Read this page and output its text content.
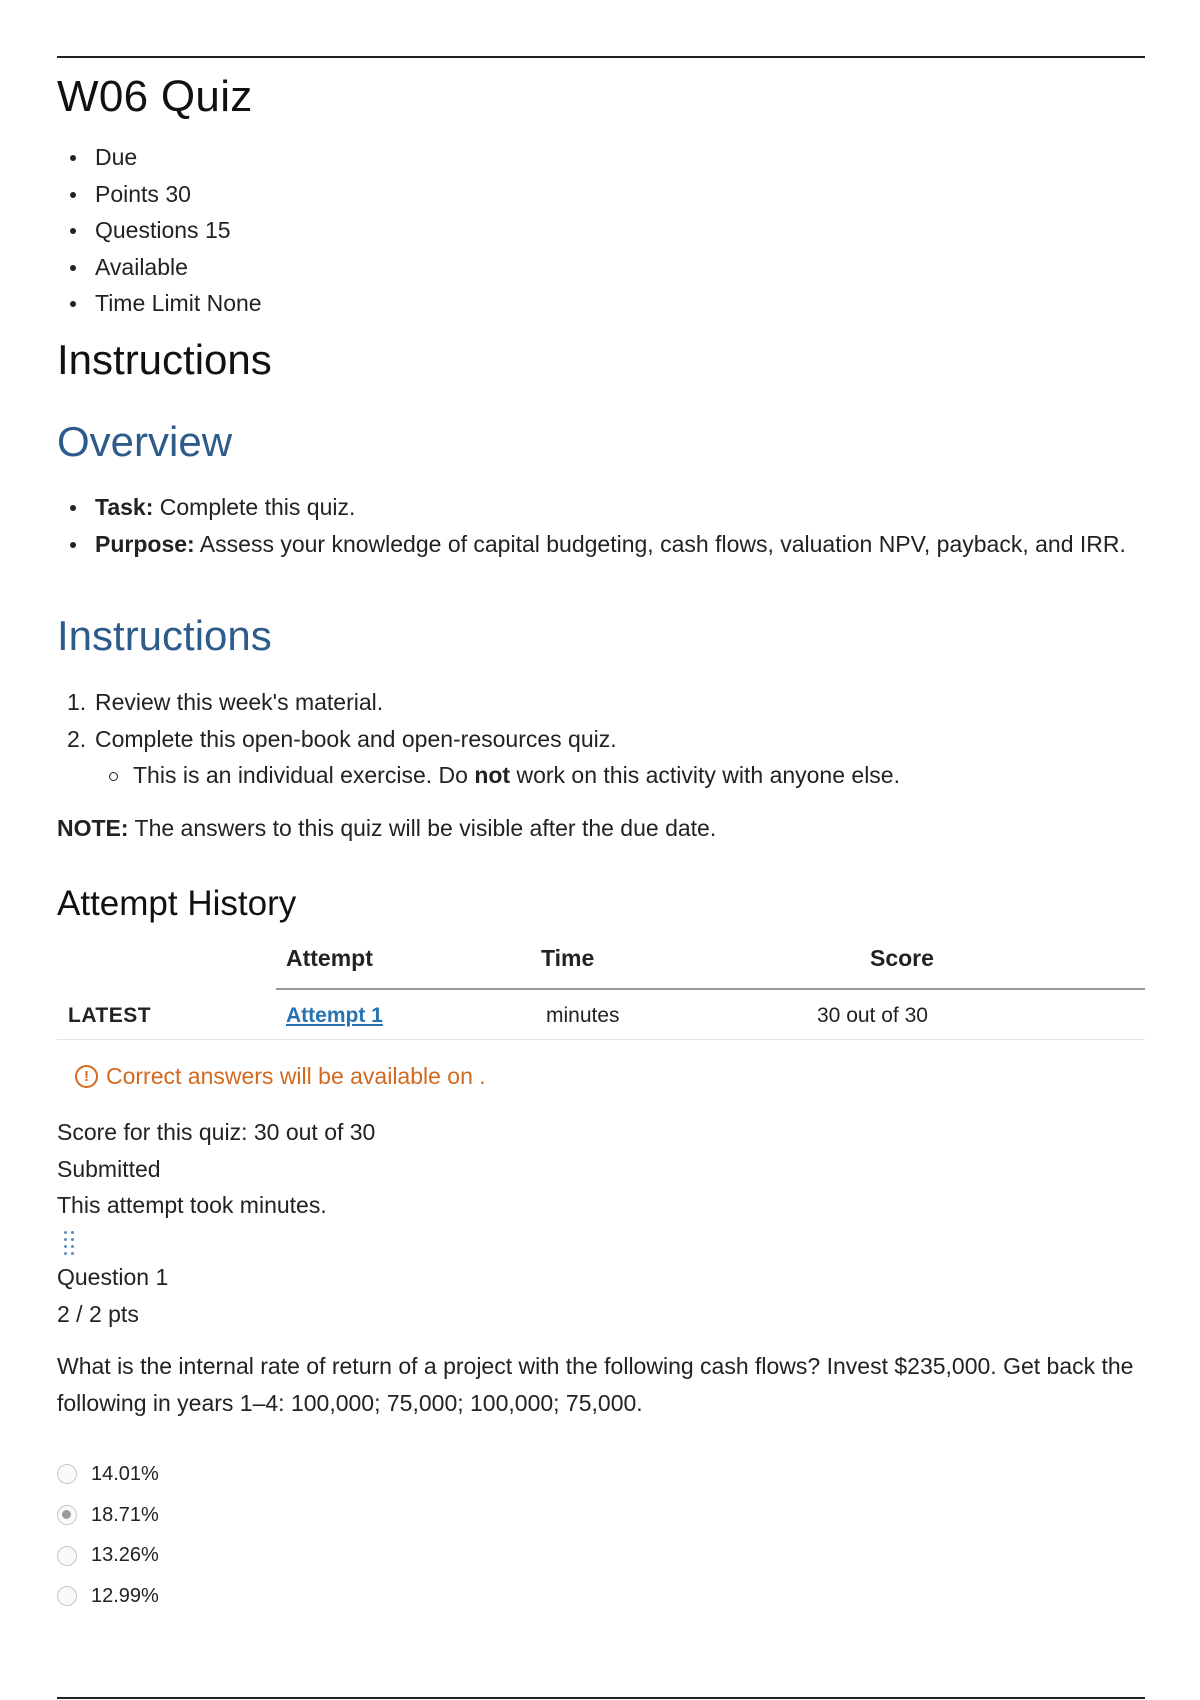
W06 Quiz
Due
Points 30
Questions 15
Available
Time Limit None
Instructions
Overview
Task: Complete this quiz.
Purpose: Assess your knowledge of capital budgeting, cash flows, valuation NPV, payback, and IRR.
Instructions
1. Review this week's material.
2. Complete this open-book and open-resources quiz.
This is an individual exercise. Do not work on this activity with anyone else.

NOTE: The answers to this quiz will be visible after the due date.

Attempt History
Attempt	Time	Score
LATEST	Attempt 1	minutes	30 out of 30
! Correct answers will be available on .
Score for this quiz: 30 out of 30
Submitted
This attempt took minutes.
Question 1
2 / 2 pts

What is the internal rate of return of a project with the following cash flows? Invest $235,000. Get back the following in years 1–4: 100,000; 75,000; 100,000; 75,000.

14.01%
18.71%
13.26%
12.99%
